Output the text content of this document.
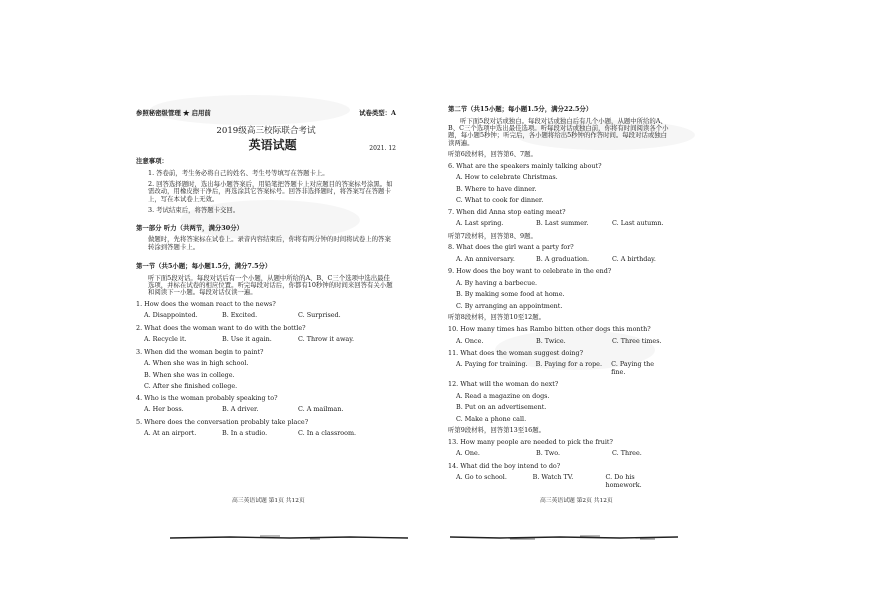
参照秘密级管理 ★ 启用前	试卷类型：A
2019级高三校际联合考试
英语试题	2021. 12
注意事项：
1. 答卷前，考生务必将自己的姓名、考生号等填写在答题卡上。
2. 回答选择题时，选出每小题答案后，用铅笔把答题卡上对应题目的答案标号涂黑。如需改动，用橡皮擦干净后，再选涂其它答案标号。回答非选择题时，将答案写在答题卡上，写在本试卷上无效。
3. 考试结束后，将答题卡交回。
第一部分 听力（共两节，满分30分）
做题时，先将答案标在试卷上。录音内容结束后，你将有两分钟的时间将试卷上的答案转涂到答题卡上。
第一节（共5小题；每小题1.5分，满分7.5分）
听下面5段对话。每段对话后有一个小题，从题中所给的A、B、C三个选项中选出最佳选项，并标在试卷的相应位置。听完每段对话后，你都有10秒钟的时间来回答有关小题和阅读下一小题。每段对话仅读一遍。
1. How does the woman react to the news?
A. Disappointed.	B. Excited.	C. Surprised.
2. What does the woman want to do with the bottle?
A. Recycle it.	B. Use it again.	C. Throw it away.
3. When did the woman begin to paint?
A. When she was in high school.
B. When she was in college.
C. After she finished college.
4. Who is the woman probably speaking to?
A. Her boss.	B. A driver.	C. A mailman.
5. Where does the conversation probably take place?
A. At an airport.	B. In a studio.	C. In a classroom.
高三英语试题 第1页 共12页
第二节（共15小题；每小题1.5分，满分22.5分）
听下面5段对话或独白。每段对话或独白后有几个小题，从题中所给的A、B、C三个选项中选出最佳选项。听每段对话或独白前，你将有时间阅读各个小题，每小题5秒钟；听完后，各小题将给出5秒钟的作答时间。每段对话或独白读两遍。
听第6段材料，回答第6、7题。
6. What are the speakers mainly talking about?
A. How to celebrate Christmas.
B. Where to have dinner.
C. What to cook for dinner.
7. When did Anna stop eating meat?
A. Last spring.	B. Last summer.	C. Last autumn.
听第7段材料，回答第8、9题。
8. What does the girl want a party for?
A. An anniversary.	B. A graduation.	C. A birthday.
9. How does the boy want to celebrate in the end?
A. By having a barbecue.
B. By making some food at home.
C. By arranging an appointment.
听第8段材料，回答第10至12题。
10. How many times has Rambo bitten other dogs this month?
A. Once.	B. Twice.	C. Three times.
11. What does the woman suggest doing?
A. Paying for training.	B. Paying for a rope.	C. Paying the fine.
12. What will the woman do next?
A. Read a magazine on dogs.
B. Put on an advertisement.
C. Make a phone call.
听第9段材料，回答第13至16题。
13. How many people are needed to pick the fruit?
A. One.	B. Two.	C. Three.
14. What did the boy intend to do?
A. Go to school.	B. Watch TV.	C. Do his homework.
高三英语试题 第2页 共12页
